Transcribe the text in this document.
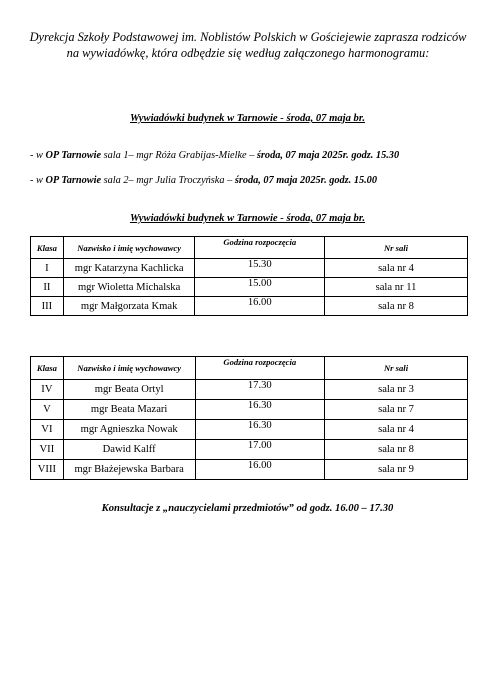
Dyrekcja Szkoły Podstawowej im. Noblistów Polskich w Gościejewie zaprasza rodziców na wywiadówkę, która odbędzie się według załączonego harmonogramu:
Wywiadówki budynek w Tarnowie - środa, 07 maja br.
- w OP Tarnowie sala 1– mgr Róża Grabijas-Mielke – środa, 07 maja 2025r. godz. 15.30
- w OP Tarnowie sala 2– mgr Julia Troczyńska – środa, 07 maja 2025r. godz. 15.00
Wywiadówki budynek w Tarnowie - środa, 07 maja br.
Klasa	Nazwisko i imię wychowawcy	Godzina rozpoczęcia	Nr sali
I	mgr Katarzyna Kachlicka	15.30	sala nr 4
II	mgr Wioletta Michalska	15.00	sala nr 11
III	mgr Małgorzata Kmak	16.00	sala nr 8
Klasa	Nazwisko i imię wychowawcy	Godzina rozpoczęcia	Nr sali
IV	mgr Beata Ortyl	17.30	sala nr 3
V	mgr Beata Mazari	16.30	sala nr 7
VI	mgr Agnieszka Nowak	16.30	sala nr 4
VII	Dawid Kalff	17.00	sala nr 8
VIII	mgr Błażejewska Barbara	16.00	sala nr 9
Konsultacje z „nauczycielami przedmiotów” od godz. 16.00 – 17.30
